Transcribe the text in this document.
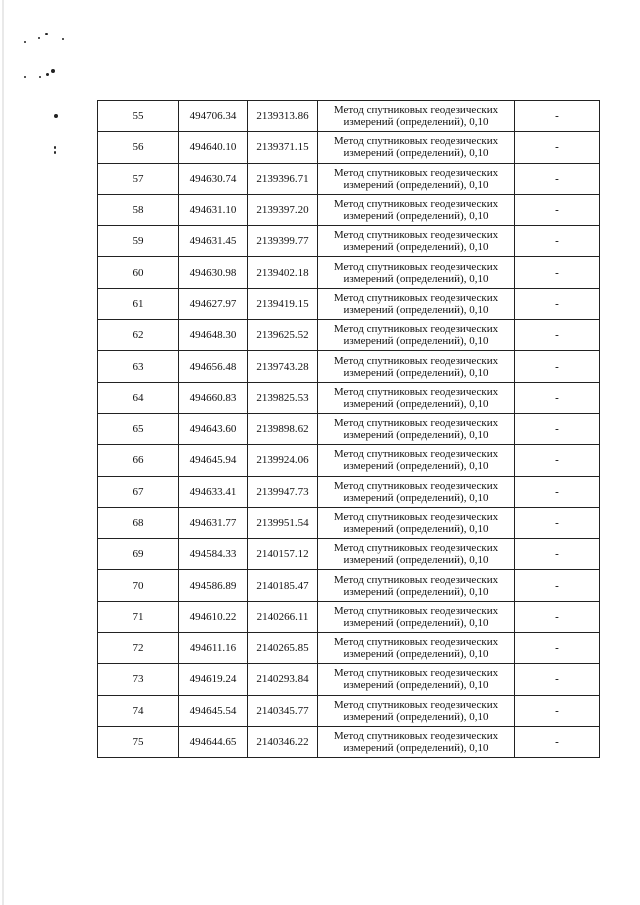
55	494706.34	2139313.86	Метод спутниковых геодезических измерений (определений), 0,10	-
56	494640.10	2139371.15	Метод спутниковых геодезических измерений (определений), 0,10	-
57	494630.74	2139396.71	Метод спутниковых геодезических измерений (определений), 0,10	-
58	494631.10	2139397.20	Метод спутниковых геодезических измерений (определений), 0,10	-
59	494631.45	2139399.77	Метод спутниковых геодезических измерений (определений), 0,10	-
60	494630.98	2139402.18	Метод спутниковых геодезических измерений (определений), 0,10	-
61	494627.97	2139419.15	Метод спутниковых геодезических измерений (определений), 0,10	-
62	494648.30	2139625.52	Метод спутниковых геодезических измерений (определений), 0,10	-
63	494656.48	2139743.28	Метод спутниковых геодезических измерений (определений), 0,10	-
64	494660.83	2139825.53	Метод спутниковых геодезических измерений (определений), 0,10	-
65	494643.60	2139898.62	Метод спутниковых геодезических измерений (определений), 0,10	-
66	494645.94	2139924.06	Метод спутниковых геодезических измерений (определений), 0,10	-
67	494633.41	2139947.73	Метод спутниковых геодезических измерений (определений), 0,10	-
68	494631.77	2139951.54	Метод спутниковых геодезических измерений (определений), 0,10	-
69	494584.33	2140157.12	Метод спутниковых геодезических измерений (определений), 0,10	-
70	494586.89	2140185.47	Метод спутниковых геодезических измерений (определений), 0,10	-
71	494610.22	2140266.11	Метод спутниковых геодезических измерений (определений), 0,10	-
72	494611.16	2140265.85	Метод спутниковых геодезических измерений (определений), 0,10	-
73	494619.24	2140293.84	Метод спутниковых геодезических измерений (определений), 0,10	-
74	494645.54	2140345.77	Метод спутниковых геодезических измерений (определений), 0,10	-
75	494644.65	2140346.22	Метод спутниковых геодезических измерений (определений), 0,10	-
